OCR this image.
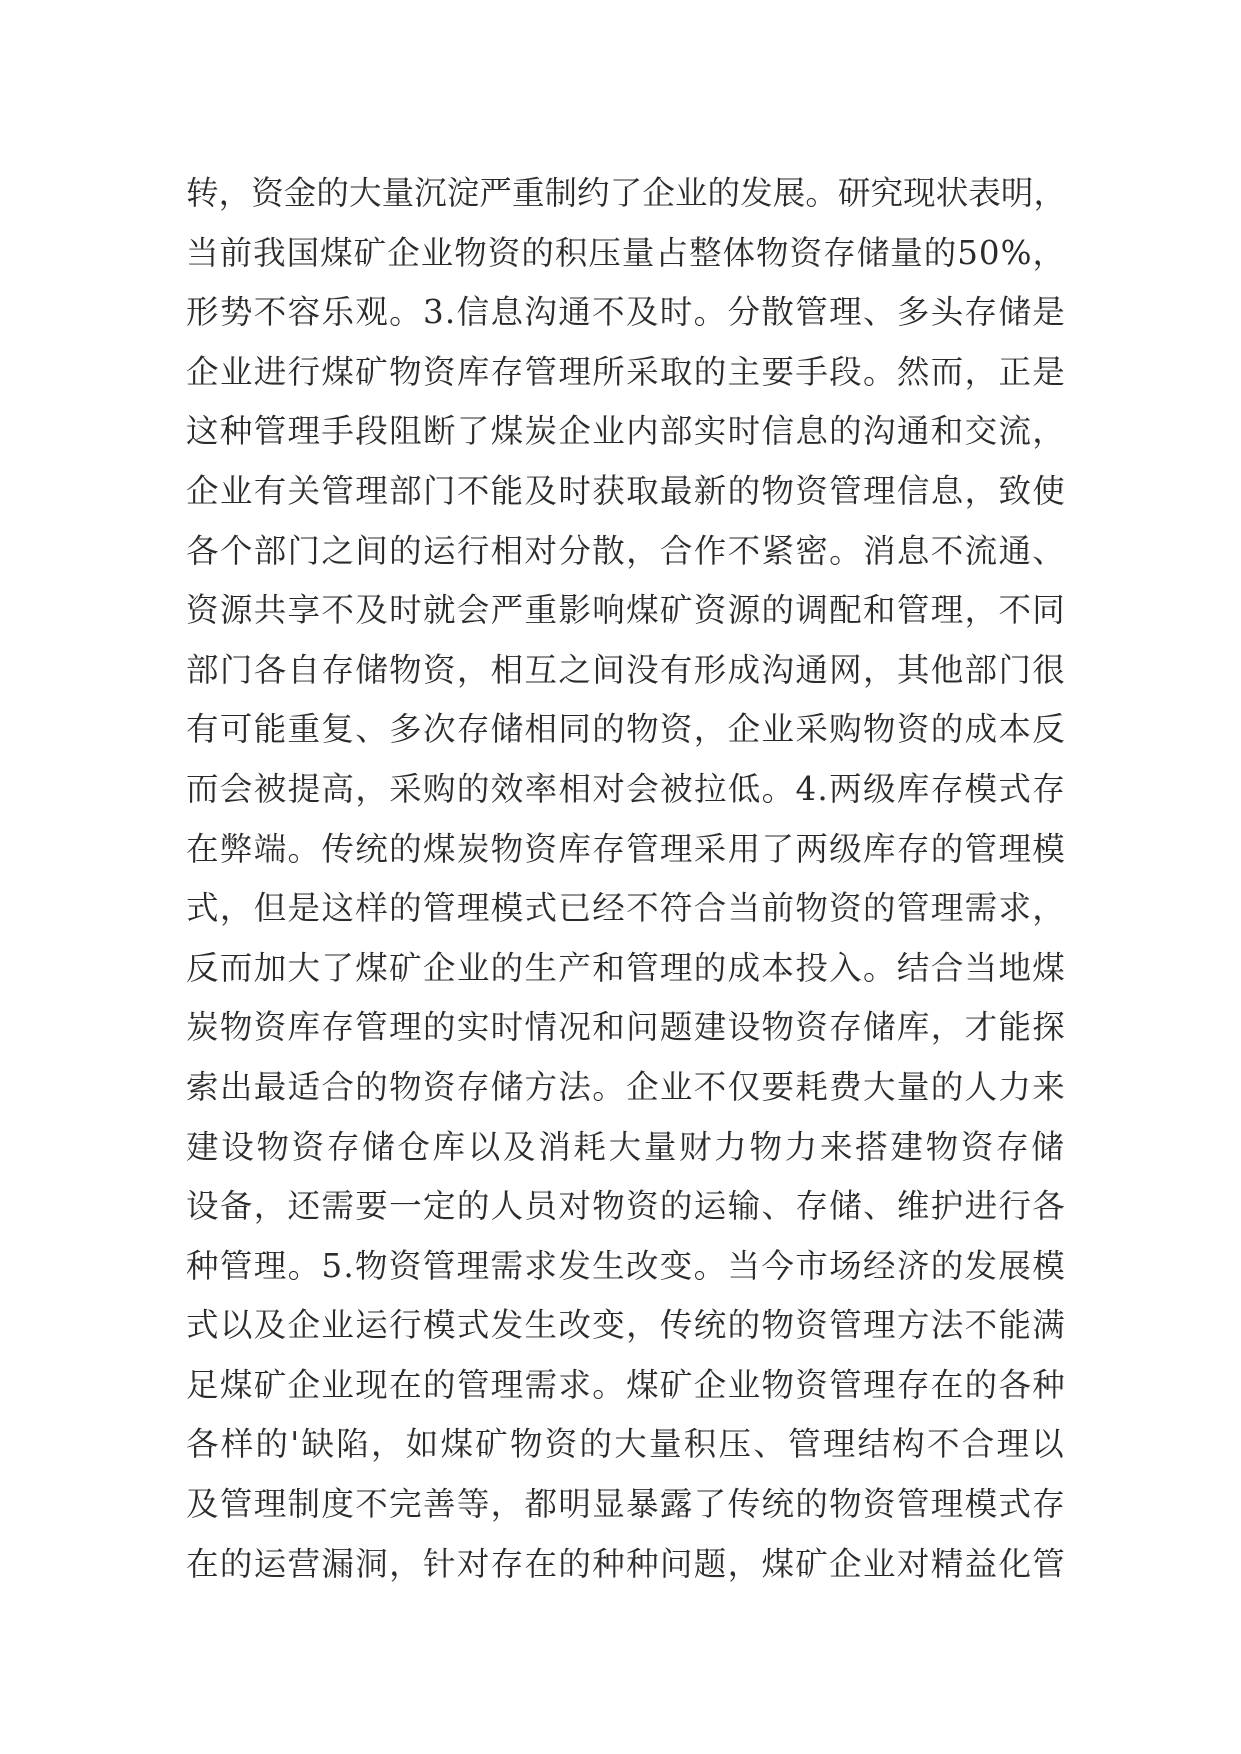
转，资金的大量沉淀严重制约了企业的发展。研究现状表明，
当前我国煤矿企业物资的积压量占整体物资存储量的50%，
形势不容乐观。3.信息沟通不及时。分散管理、多头存储是
企业进行煤矿物资库存管理所采取的主要手段。然而，正是
这种管理手段阻断了煤炭企业内部实时信息的沟通和交流，
企业有关管理部门不能及时获取最新的物资管理信息，致使
各个部门之间的运行相对分散，合作不紧密。消息不流通、
资源共享不及时就会严重影响煤矿资源的调配和管理，不同
部门各自存储物资，相互之间没有形成沟通网，其他部门很
有可能重复、多次存储相同的物资，企业采购物资的成本反
而会被提高，采购的效率相对会被拉低。4.两级库存模式存
在弊端。传统的煤炭物资库存管理采用了两级库存的管理模
式，但是这样的管理模式已经不符合当前物资的管理需求，
反而加大了煤矿企业的生产和管理的成本投入。结合当地煤
炭物资库存管理的实时情况和问题建设物资存储库，才能探
索出最适合的物资存储方法。企业不仅要耗费大量的人力来
建设物资存储仓库以及消耗大量财力物力来搭建物资存储
设备，还需要一定的人员对物资的运输、存储、维护进行各
种管理。5.物资管理需求发生改变。当今市场经济的发展模
式以及企业运行模式发生改变，传统的物资管理方法不能满
足煤矿企业现在的管理需求。煤矿企业物资管理存在的各种
各样的'缺陷，如煤矿物资的大量积压、管理结构不合理以
及管理制度不完善等，都明显暴露了传统的物资管理模式存
在的运营漏洞，针对存在的种种问题，煤矿企业对精益化管
